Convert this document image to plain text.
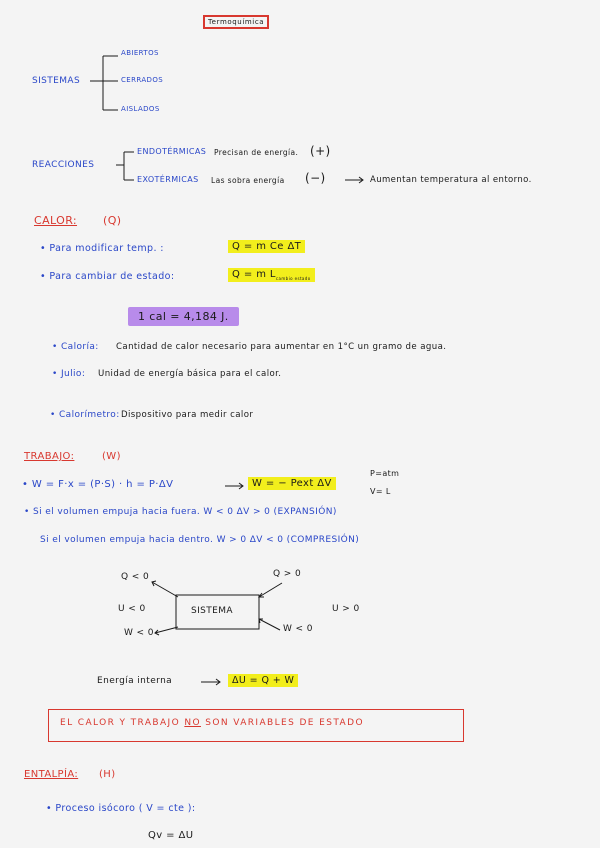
Termoquímica
SISTEMAS
ABIERTOS
CERRADOS
AISLADOS
REACCIONES
ENDOTÉRMICAS Precisan de energía. (+)
EXOTÉRMICAS Las sobra energía (−)	Aumentan temperatura al entorno.
CALOR: (Q)
• Para modificar temp. :	Q = m Ce ΔT
• Para cambiar de estado:	Q = m $L_{cambio estado}$
1 cal = 4,184 J.
• Caloría: Cantidad de calor necesario para aumentar en 1°C un gramo de agua.
• Julio: Unidad de energía básica para el calor.
• Calorímetro: Dispositivo para medir calor
TRABAJO:	(W)
• W = F·x = (P·S) · h = P·ΔV	W = − Pext ΔV
P=atm
V= L
• Si el volumen empuja hacia fuera. W < 0 ΔV > 0 (EXPANSIÓN)
Si el volumen empuja hacia dentro. W > 0 ΔV < 0 (COMPRESIÓN)
SISTEMA
Q < 0	Q > 0
U < 0	U > 0
W < 0	W < 0
Energía interna	ΔU = Q + W
EL CALOR Y TRABAJO NO SON VARIABLES DE ESTADO
ENTALPÍA: (H)
• Proceso isócoro ( V = cte ):
Qv = ΔU
